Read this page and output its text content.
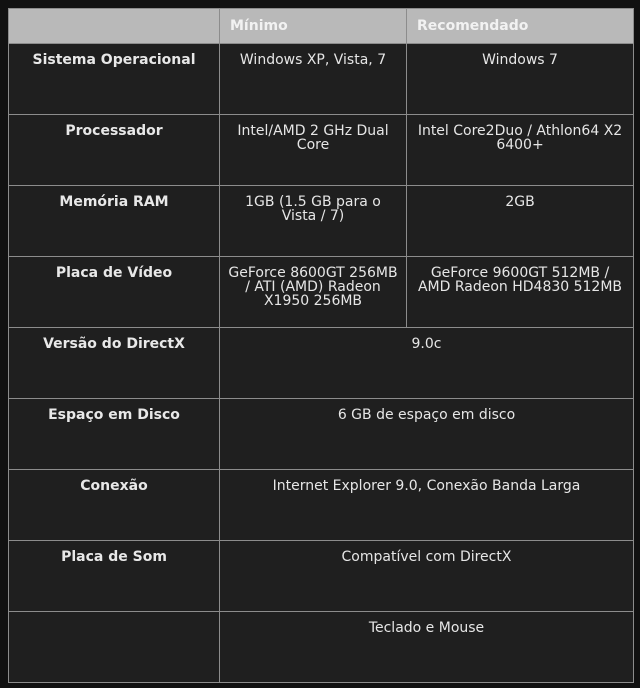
	Mínimo	Recomendado
Sistema Operacional	Windows XP, Vista, 7	Windows 7
Processador	Intel/AMD 2 GHz Dual Core	Intel Core2Duo / Athlon64 X2 6400+
Memória RAM	1GB (1.5 GB para o Vista / 7)	2GB
Placa de Vídeo	GeForce 8600GT 256MB / ATI (AMD) Radeon X1950 256MB	GeForce 9600GT 512MB / AMD Radeon HD4830 512MB
Versão do DirectX	9.0c	
Espaço em Disco	6 GB de espaço em disco	
Conexão	Internet Explorer 9.0, Conexão Banda Larga	
Placa de Som	Compatível com DirectX	
	Teclado e Mouse	
